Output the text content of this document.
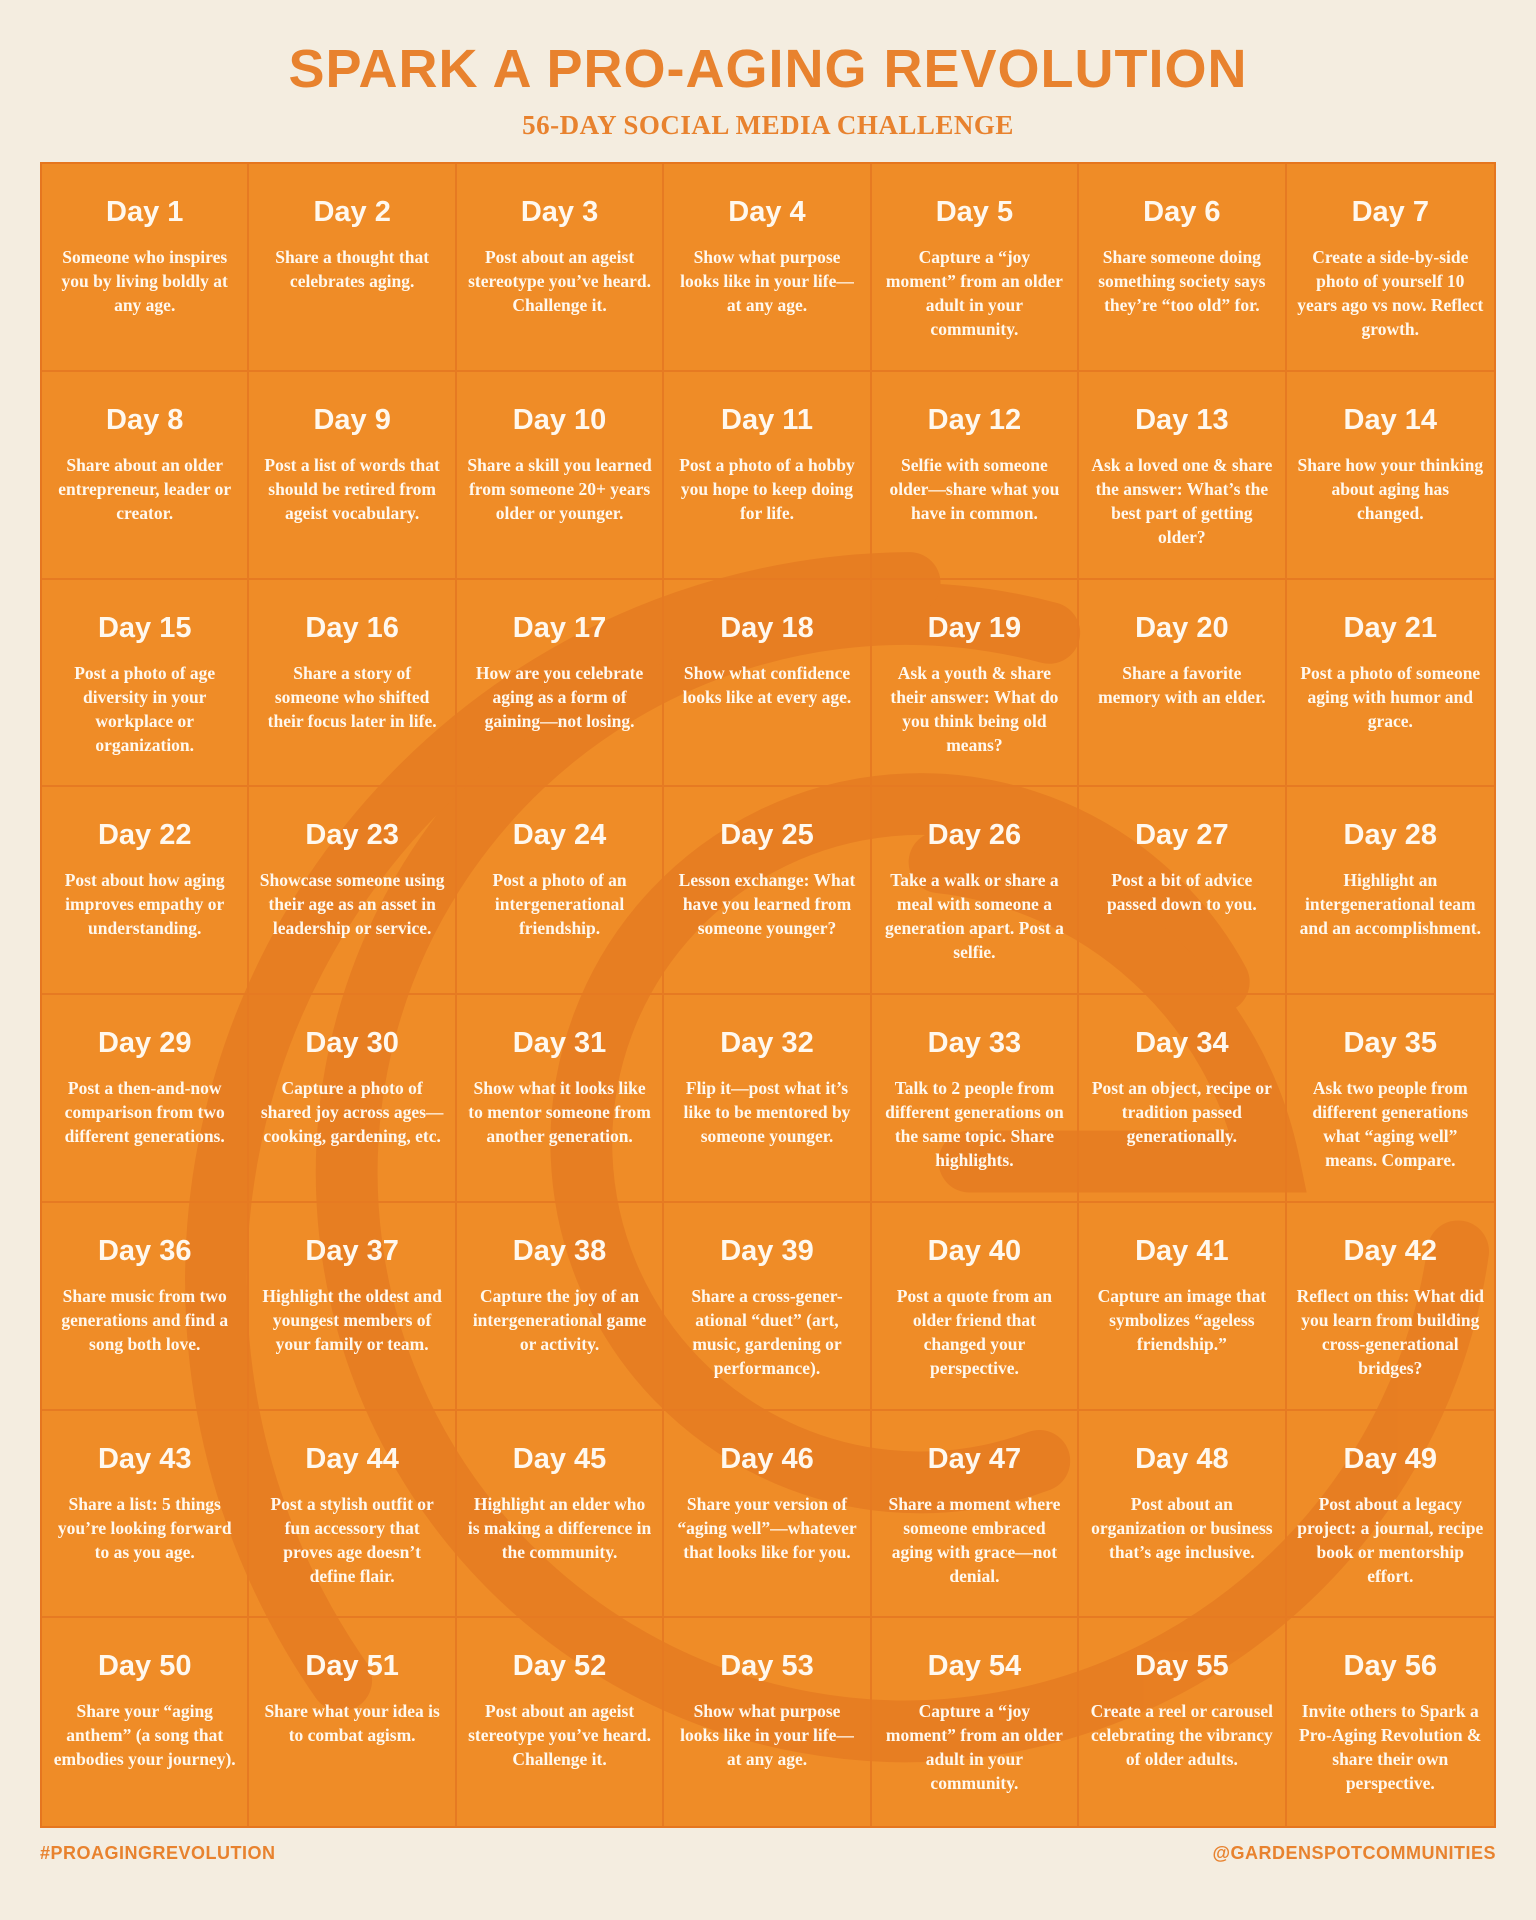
SPARK A PRO-AGING REVOLUTION
56-DAY SOCIAL MEDIA CHALLENGE
Day 1
Someone who inspires you by living boldly at any age.
Day 2
Share a thought that celebrates aging.
Day 3
Post about an ageist stereotype you’ve heard. Challenge it.
Day 4
Show what purpose looks like in your life—at any age.
Day 5
Capture a “joy moment” from an older adult in your community.
Day 6
Share someone doing something society says they’re “too old” for.
Day 7
Create a side-by-side photo of yourself 10 years ago vs now. Reflect growth.
Day 8
Share about an older entrepreneur, leader or creator.
Day 9
Post a list of words that should be retired from ageist vocabulary.
Day 10
Share a skill you learned from someone 20+ years older or younger.
Day 11
Post a photo of a hobby you hope to keep doing for life.
Day 12
Selfie with someone older—share what you have in common.
Day 13
Ask a loved one & share the answer: What’s the best part of getting older?
Day 14
Share how your thinking about aging has changed.
Day 15
Post a photo of age diversity in your workplace or organization.
Day 16
Share a story of someone who shifted their focus later in life.
Day 17
How are you celebrate aging as a form of gaining—not losing.
Day 18
Show what confidence looks like at every age.
Day 19
Ask a youth & share their answer: What do you think being old means?
Day 20
Share a favorite memory with an elder.
Day 21
Post a photo of someone aging with humor and grace.
Day 22
Post about how aging improves empathy or understanding.
Day 23
Showcase someone using their age as an asset in leadership or service.
Day 24
Post a photo of an intergenerational friendship.
Day 25
Lesson exchange: What have you learned from someone younger?
Day 26
Take a walk or share a meal with someone a generation apart. Post a selfie.
Day 27
Post a bit of advice passed down to you.
Day 28
Highlight an intergenerational team and an accomplishment.
Day 29
Post a then-and-now comparison from two different generations.
Day 30
Capture a photo of shared joy across ages—cooking, gardening, etc.
Day 31
Show what it looks like to mentor someone from another generation.
Day 32
Flip it—post what it’s like to be mentored by someone younger.
Day 33
Talk to 2 people from different generations on the same topic. Share highlights.
Day 34
Post an object, recipe or tradition passed generationally.
Day 35
Ask two people from different generations what “aging well” means. Compare.
Day 36
Share music from two generations and find a song both love.
Day 37
Highlight the oldest and youngest members of your family or team.
Day 38
Capture the joy of an intergenerational game or activity.
Day 39
Share a cross-gener-ational “duet” (art, music, gardening or performance).
Day 40
Post a quote from an older friend that changed your perspective.
Day 41
Capture an image that symbolizes “ageless friendship.”
Day 42
Reflect on this: What did you learn from building cross-generational bridges?
Day 43
Share a list: 5 things you’re looking forward to as you age.
Day 44
Post a stylish outfit or fun accessory that proves age doesn’t define flair.
Day 45
Highlight an elder who is making a difference in the community.
Day 46
Share your version of “aging well”—whatever that looks like for you.
Day 47
Share a moment where someone embraced aging with grace—not denial.
Day 48
Post about an organization or business that’s age inclusive.
Day 49
Post about a legacy project: a journal, recipe book or mentorship effort.
Day 50
Share your “aging anthem” (a song that embodies your journey).
Day 51
Share what your idea is to combat agism.
Day 52
Post about an ageist stereotype you’ve heard. Challenge it.
Day 53
Show what purpose looks like in your life—at any age.
Day 54
Capture a “joy moment” from an older adult in your community.
Day 55
Create a reel or carousel celebrating the vibrancy of older adults.
Day 56
Invite others to Spark a Pro-Aging Revolution & share their own perspective.
#PROAGINGREVOLUTION	@GARDENSPOTCOMMUNITIES
